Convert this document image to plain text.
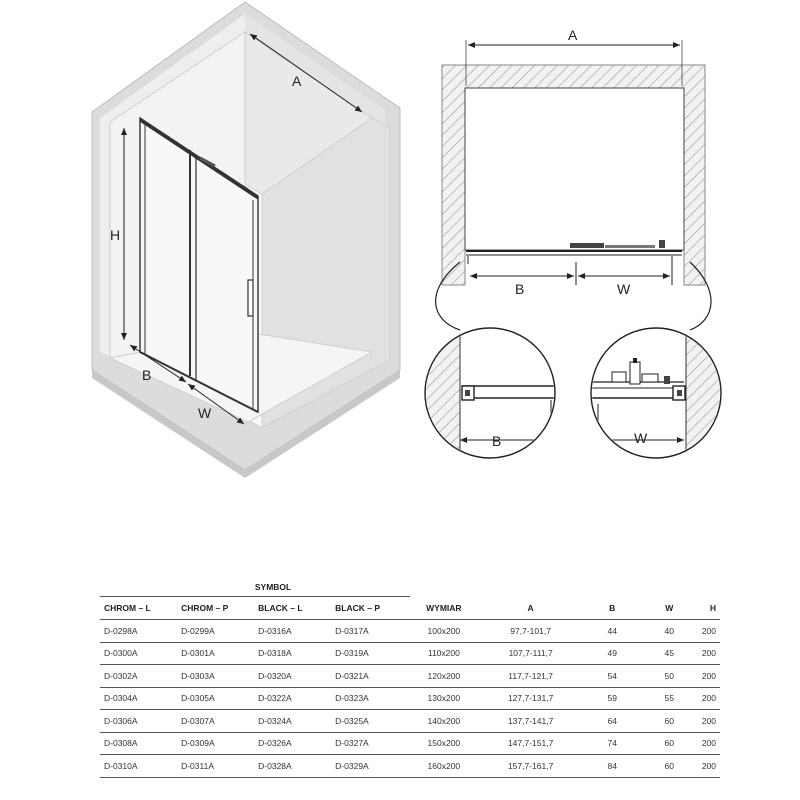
A
H
B
W
A
B	W
B	W
SYMBOL								
CHROM – L	CHROM – P	BLACK – L	BLACK – P	WYMIAR	A	B	W	H
D-0298A	D-0299A	D-0316A	D-0317A	100x200	97,7-101,7	44	40	200
D-0300A	D-0301A	D-0318A	D-0319A	110x200	107,7-111,7	49	45	200
D-0302A	D-0303A	D-0320A	D-0321A	120x200	117,7-121,7	54	50	200
D-0304A	D-0305A	D-0322A	D-0323A	130x200	127,7-131,7	59	55	200
D-0306A	D-0307A	D-0324A	D-0325A	140x200	137,7-141,7	64	60	200
D-0308A	D-0309A	D-0326A	D-0327A	150x200	147,7-151,7	74	60	200
D-0310A	D-0311A	D-0328A	D-0329A	160x200	157,7-161,7	84	60	200
